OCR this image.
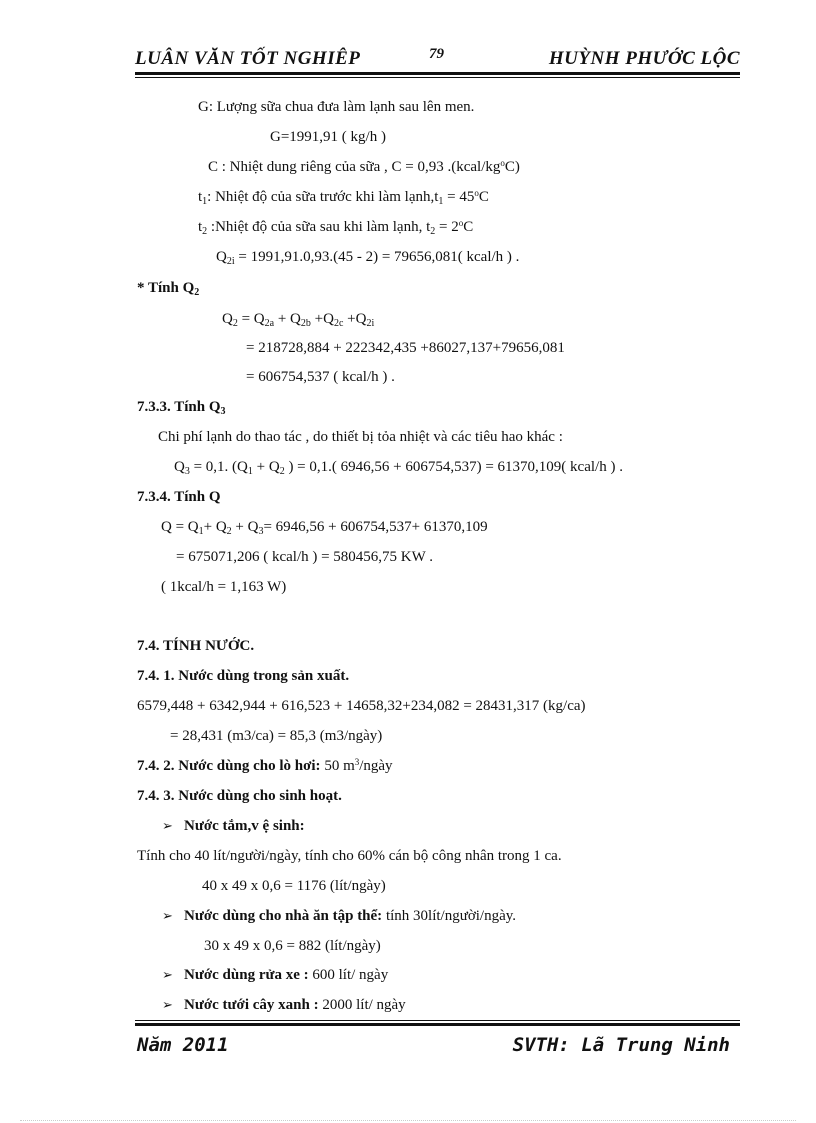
LUÂN VĂN TỐT NGHIÊP	79	HUỲNH PHƯỚC LỘC
G: Lượng sữa chua đưa làm lạnh sau lên men.
G=1991,91 ( kg/h )
C : Nhiệt dung riêng của sữa , C = 0,93 $.(kcal/kg^oC)$
$t_1$: Nhiệt độ của sữa trước khi làm $lạnh,t_1 = 45^oC$
$t_2$ :Nhiệt độ của sữa sau khi làm lạnh, $t_2 = 2^oC$
$Q_{2i} = 1991,91.0,93.(45 - 2) = 79656,081$( kcal/h ) .
* Tính $Q_2$
$Q_2 = Q_{2a} + Q_{2b} +Q_{2c} +Q_{2i}$
= 218728,884 + 222342,435 +86027,137+79656,081
= 606754,537 ( kcal/h ) .
7.3.3. Tính $Q_3$
Chi phí lạnh do thao tác , do thiết bị tỏa nhiệt và các tiêu hao khác :
$Q_3 = 0,1$. ($Q_1 + Q_2$ ) = 0,1.( 6946,56 + 606754,537) = 61370,109( kcal/h ) .
7.3.4. Tính Q
$Q = Q_1+ Q_2 + Q_3= 6946,56 + 606754,537+ 61370,109$
= 675071,206 ( kcal/h ) = 580456,75 KW .
( 1kcal/h = 1,163 W)
7.4. TÍNH NƯỚC.
7.4. 1. Nước dùng trong sản xuất.
6579,448 + 6342,944 + 616,523 + 14658,32+234,082 = 28431,317 (kg/ca)
= 28,431 (m3/ca) = 85,3 (m3/ngày)
7.4. 2. Nước dùng cho lò hơi: 50 $m^3$/ngày
7.4. 3. Nước dùng cho sinh hoạt.
➢ Nước tắm,v ệ sinh:
Tính cho 40 lít/người/ngày, tính cho 60% cán bộ công nhân trong 1 ca.
40 x 49 x 0,6 = 1176 (lít/ngày)
➢ Nước dùng cho nhà ăn tập thể: tính 30lít/người/ngày.
30 x 49 x 0,6 = 882 (lít/ngày)
➢ Nước dùng rửa xe : 600 lít/ ngày
➢ Nước tưới cây xanh : 2000 lít/ ngày
Năm 2011	SVTH: Lã Trung Ninh
